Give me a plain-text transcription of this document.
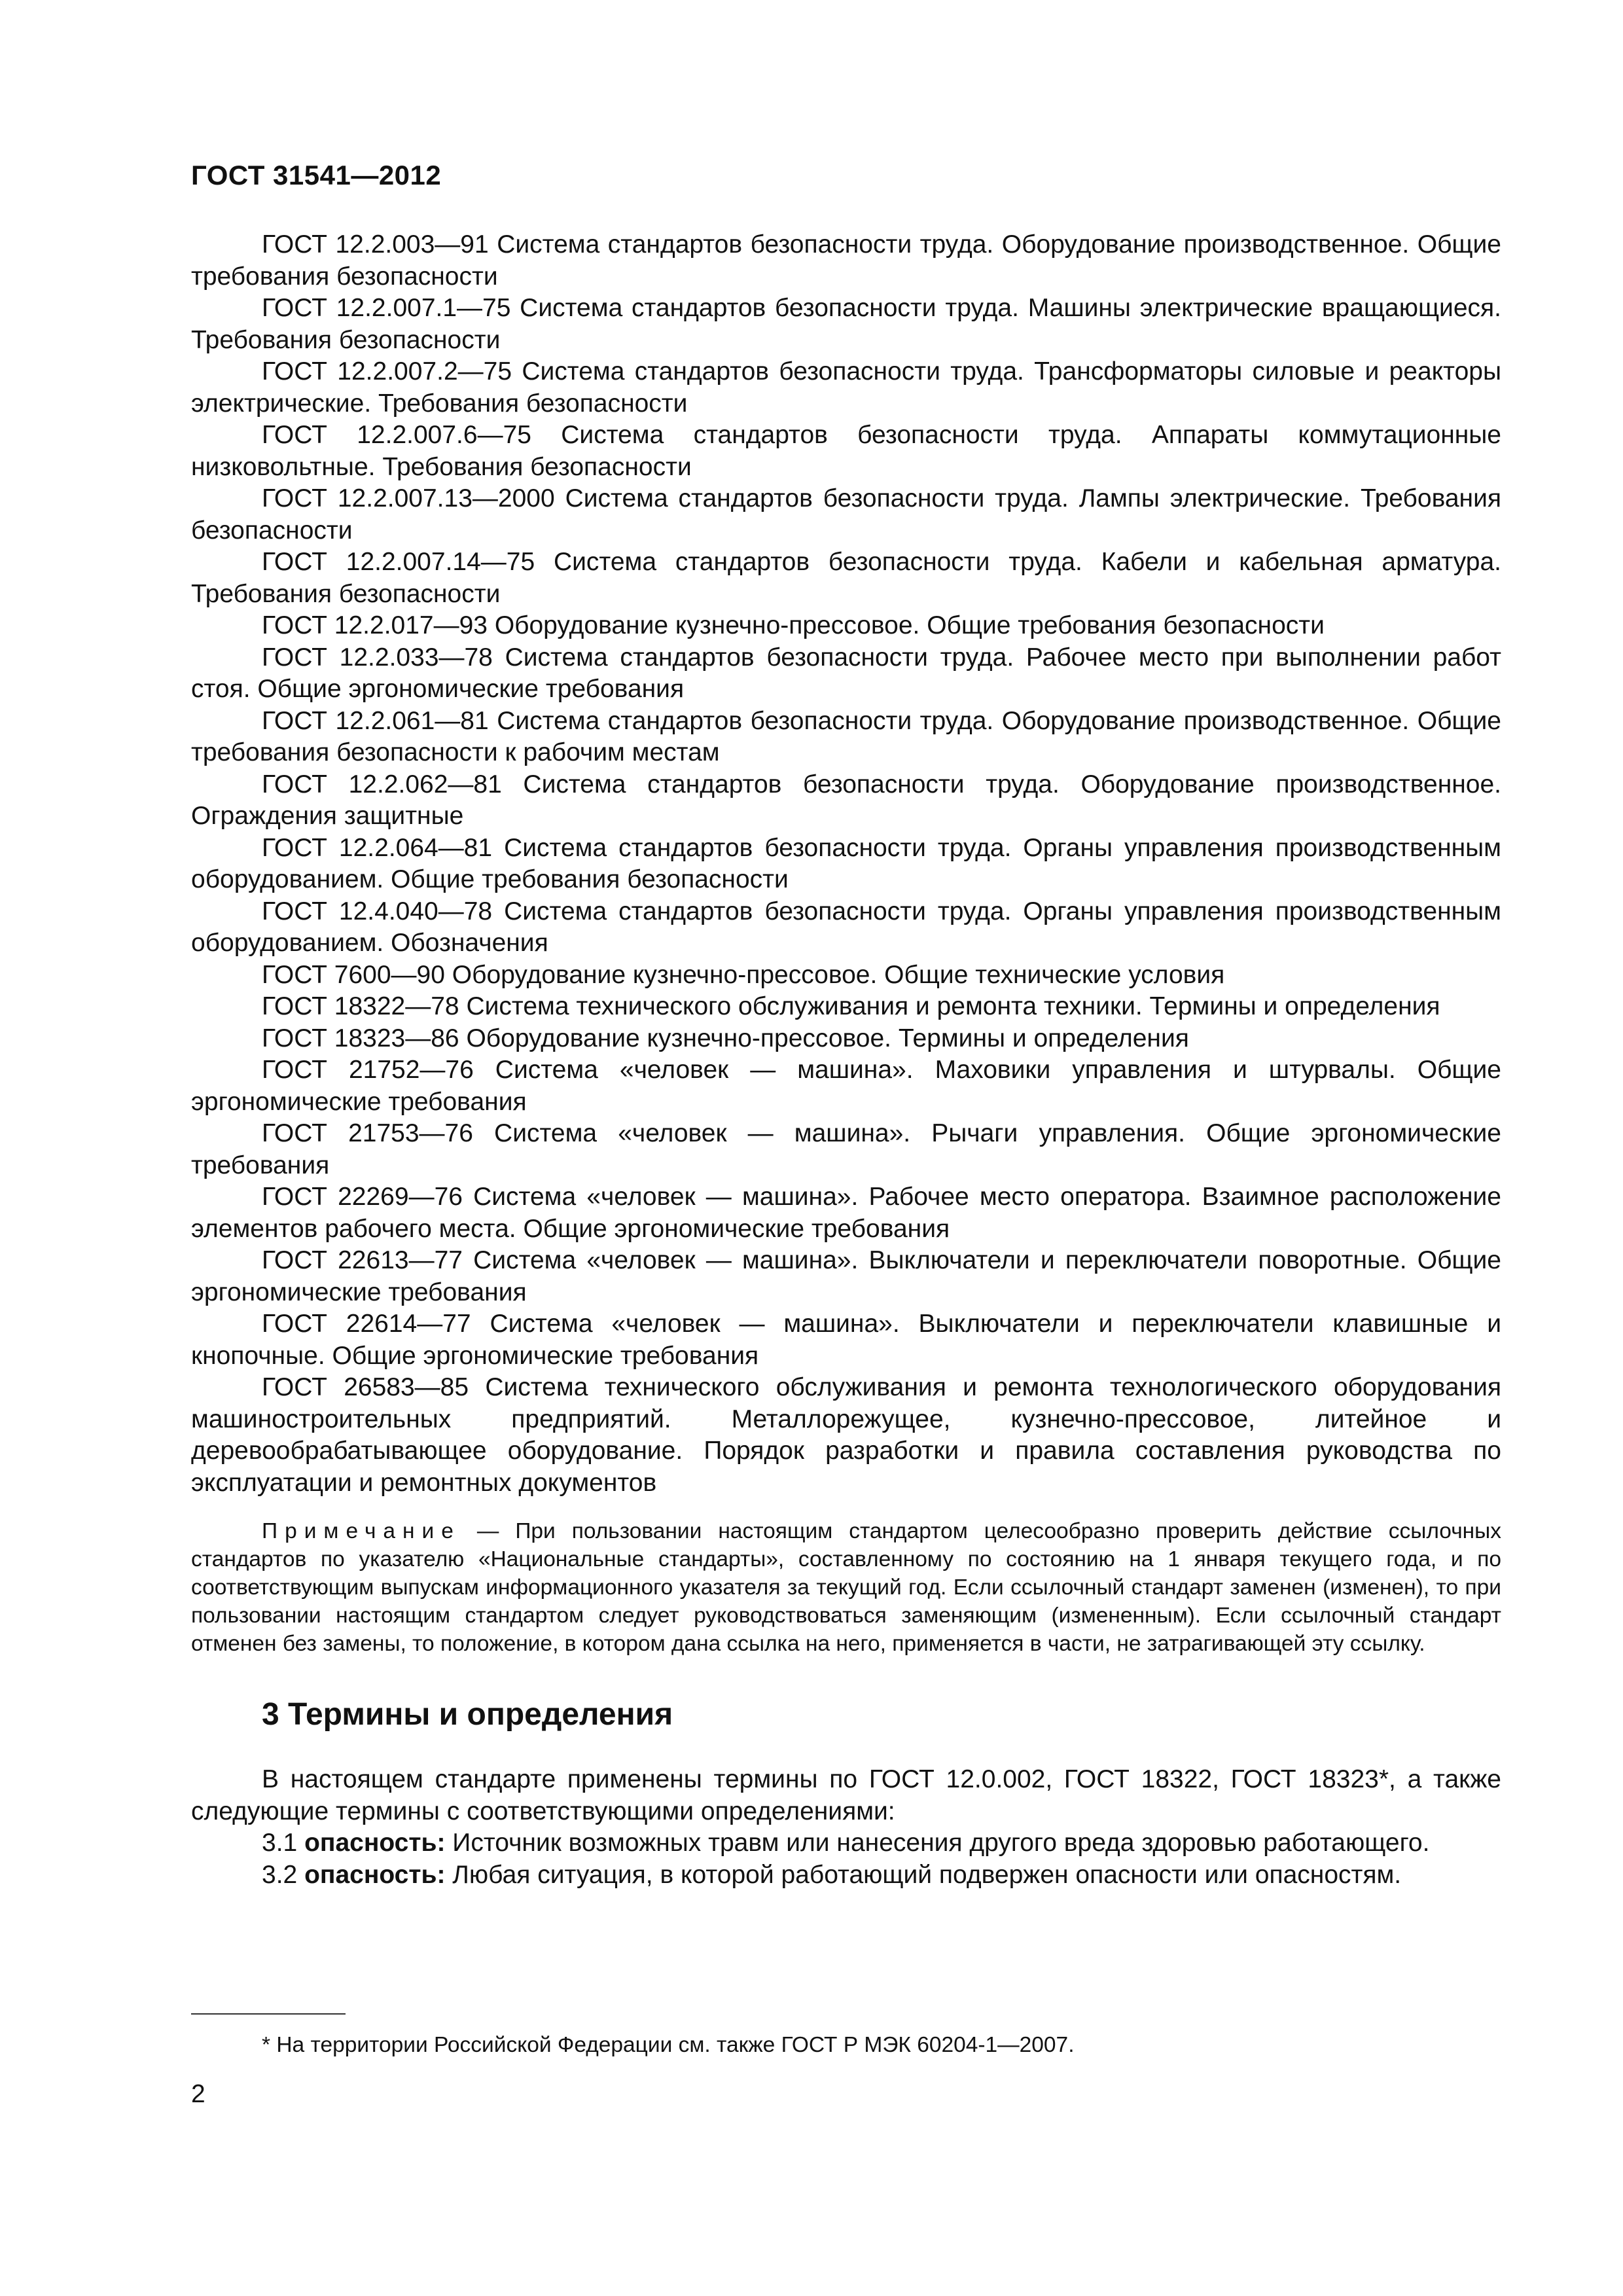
ГОСТ 31541—2012

ГОСТ 12.2.003—91 Система стандартов безопасности труда. Оборудование производственное. Общие требования безопасности

ГОСТ 12.2.007.1—75 Система стандартов безопасности труда. Машины электрические вращающиеся. Требования безопасности

ГОСТ 12.2.007.2—75 Система стандартов безопасности труда. Трансформаторы силовые и реакторы электрические. Требования безопасности

ГОСТ 12.2.007.6—75 Система стандартов безопасности труда. Аппараты коммутационные низковольтные. Требования безопасности

ГОСТ 12.2.007.13—2000 Система стандартов безопасности труда. Лампы электрические. Требования безопасности

ГОСТ 12.2.007.14—75 Система стандартов безопасности труда. Кабели и кабельная арматура. Требования безопасности

ГОСТ 12.2.017—93 Оборудование кузнечно-прессовое. Общие требования безопасности

ГОСТ 12.2.033—78 Система стандартов безопасности труда. Рабочее место при выполнении работ стоя. Общие эргономические требования

ГОСТ 12.2.061—81 Система стандартов безопасности труда. Оборудование производственное. Общие требования безопасности к рабочим местам

ГОСТ 12.2.062—81 Система стандартов безопасности труда. Оборудование производственное. Ограждения защитные

ГОСТ 12.2.064—81 Система стандартов безопасности труда. Органы управления производственным оборудованием. Общие требования безопасности

ГОСТ 12.4.040—78 Система стандартов безопасности труда. Органы управления производственным оборудованием. Обозначения

ГОСТ 7600—90 Оборудование кузнечно-прессовое. Общие технические условия

ГОСТ 18322—78 Система технического обслуживания и ремонта техники. Термины и определения

ГОСТ 18323—86 Оборудование кузнечно-прессовое. Термины и определения

ГОСТ 21752—76 Система «человек — машина». Маховики управления и штурвалы. Общие эргономические требования

ГОСТ 21753—76 Система «человек — машина». Рычаги управления. Общие эргономические требования

ГОСТ 22269—76 Система «человек — машина». Рабочее место оператора. Взаимное расположение элементов рабочего места. Общие эргономические требования

ГОСТ 22613—77 Система «человек — машина». Выключатели и переключатели поворотные. Общие эргономические требования

ГОСТ 22614—77 Система «человек — машина». Выключатели и переключатели клавишные и кнопочные. Общие эргономические требования

ГОСТ 26583—85 Система технического обслуживания и ремонта технологического оборудования машиностроительных предприятий. Металлорежущее, кузнечно-прессовое, литейное и деревообрабатывающее оборудование. Порядок разработки и правила составления руководства по эксплуатации и ремонтных документов

Примечание — При пользовании настоящим стандартом целесообразно проверить действие ссылочных стандартов по указателю «Национальные стандарты», составленному по состоянию на 1 января текущего года, и по соответствующим выпускам информационного указателя за текущий год. Если ссылочный стандарт заменен (изменен), то при пользовании настоящим стандартом следует руководствоваться заменяющим (измененным). Если ссылочный стандарт отменен без замены, то положение, в котором дана ссылка на него, применяется в части, не затрагивающей эту ссылку.

3 Термины и определения

В настоящем стандарте применены термины по ГОСТ 12.0.002, ГОСТ 18322, ГОСТ 18323*, а также следующие термины с соответствующими определениями:

3.1 опасность: Источник возможных травм или нанесения другого вреда здоровью работающего.

3.2 опасность: Любая ситуация, в которой работающий подвержен опасности или опасностям.

* На территории Российской Федерации см. также ГОСТ Р МЭК 60204-1—2007.
2
